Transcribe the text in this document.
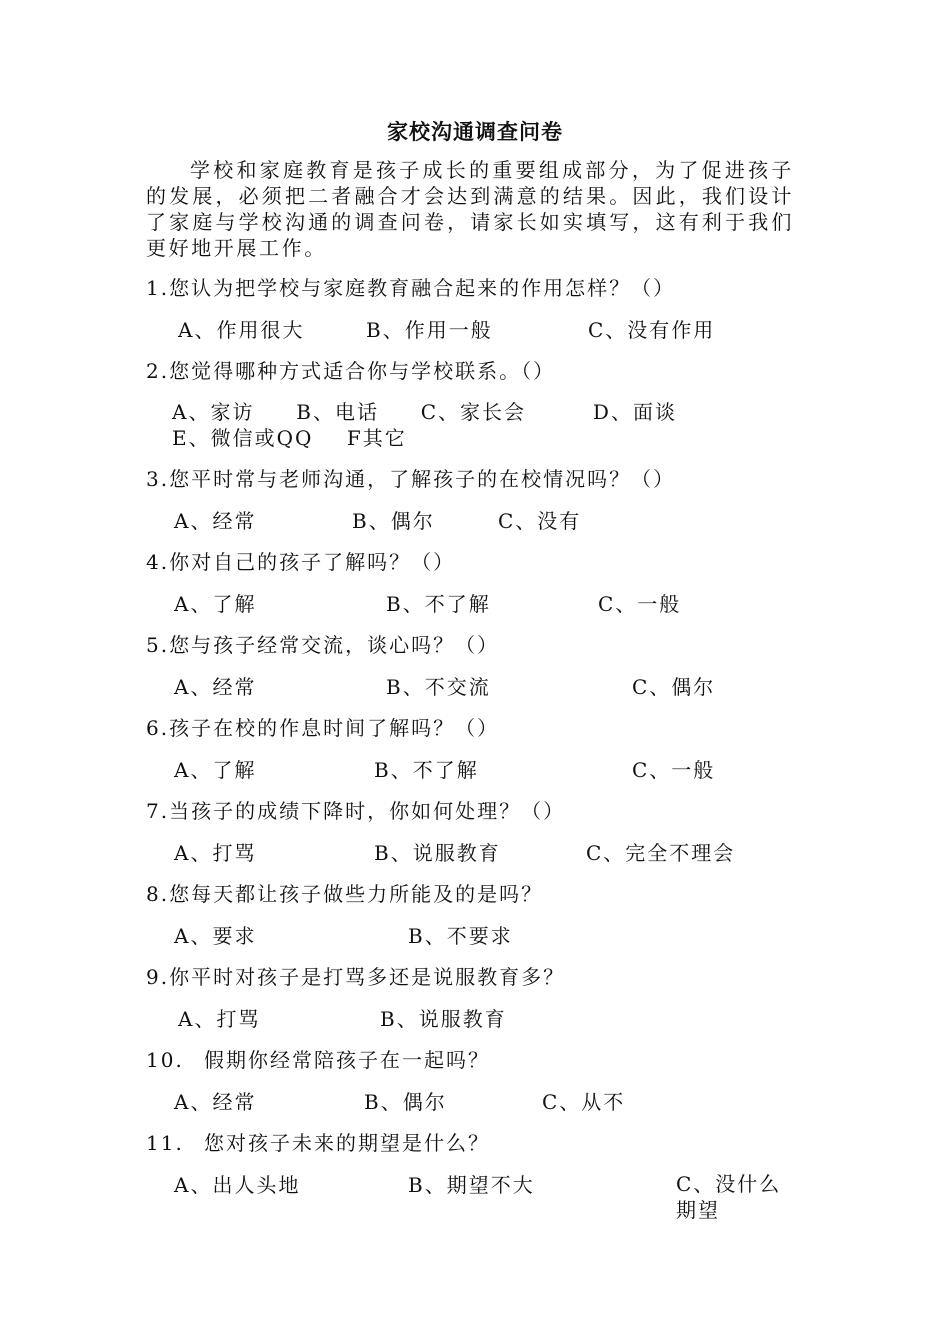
家校沟通调查问卷

学校和家庭教育是孩子成长的重要组成部分，为了促进孩子的发展，必须把二者融合才会达到满意的结果。因此，我们设计了家庭与学校沟通的调查问卷，请家长如实填写，这有利于我们更好地开展工作。

1.您认为把学校与家庭教育融合起来的作用怎样？（）
A、作用很大	B、作用一般	C、没有作用
2.您觉得哪种方式适合你与学校联系。（）
A、家访 B、电话 C、家长会	D、面谈       E、微信或QQ F其它
3.您平时常与老师沟通，了解孩子的在校情况吗？（）
A、经常	B、偶尔	C、没有
4.你对自己的孩子了解吗？（）
A、了解	B、不了解	C、一般
5.您与孩子经常交流，谈心吗？（）
A、经常	B、不交流	C、偶尔
6.孩子在校的作息时间了解吗？（）
A、了解	B、不了解	C、一般
7.当孩子的成绩下降时，你如何处理？（）
A、打骂	B、说服教育	C、完全不理会
8.您每天都让孩子做些力所能及的是吗？
A、要求	B、不要求
9.你平时对孩子是打骂多还是说服教育多？
A、打骂	B、说服教育
10. 假期你经常陪孩子在一起吗？
A、经常	B、偶尔	C、从不
11. 您对孩子未来的期望是什么？
A、出人头地	B、期望不大	C、没什么期望
